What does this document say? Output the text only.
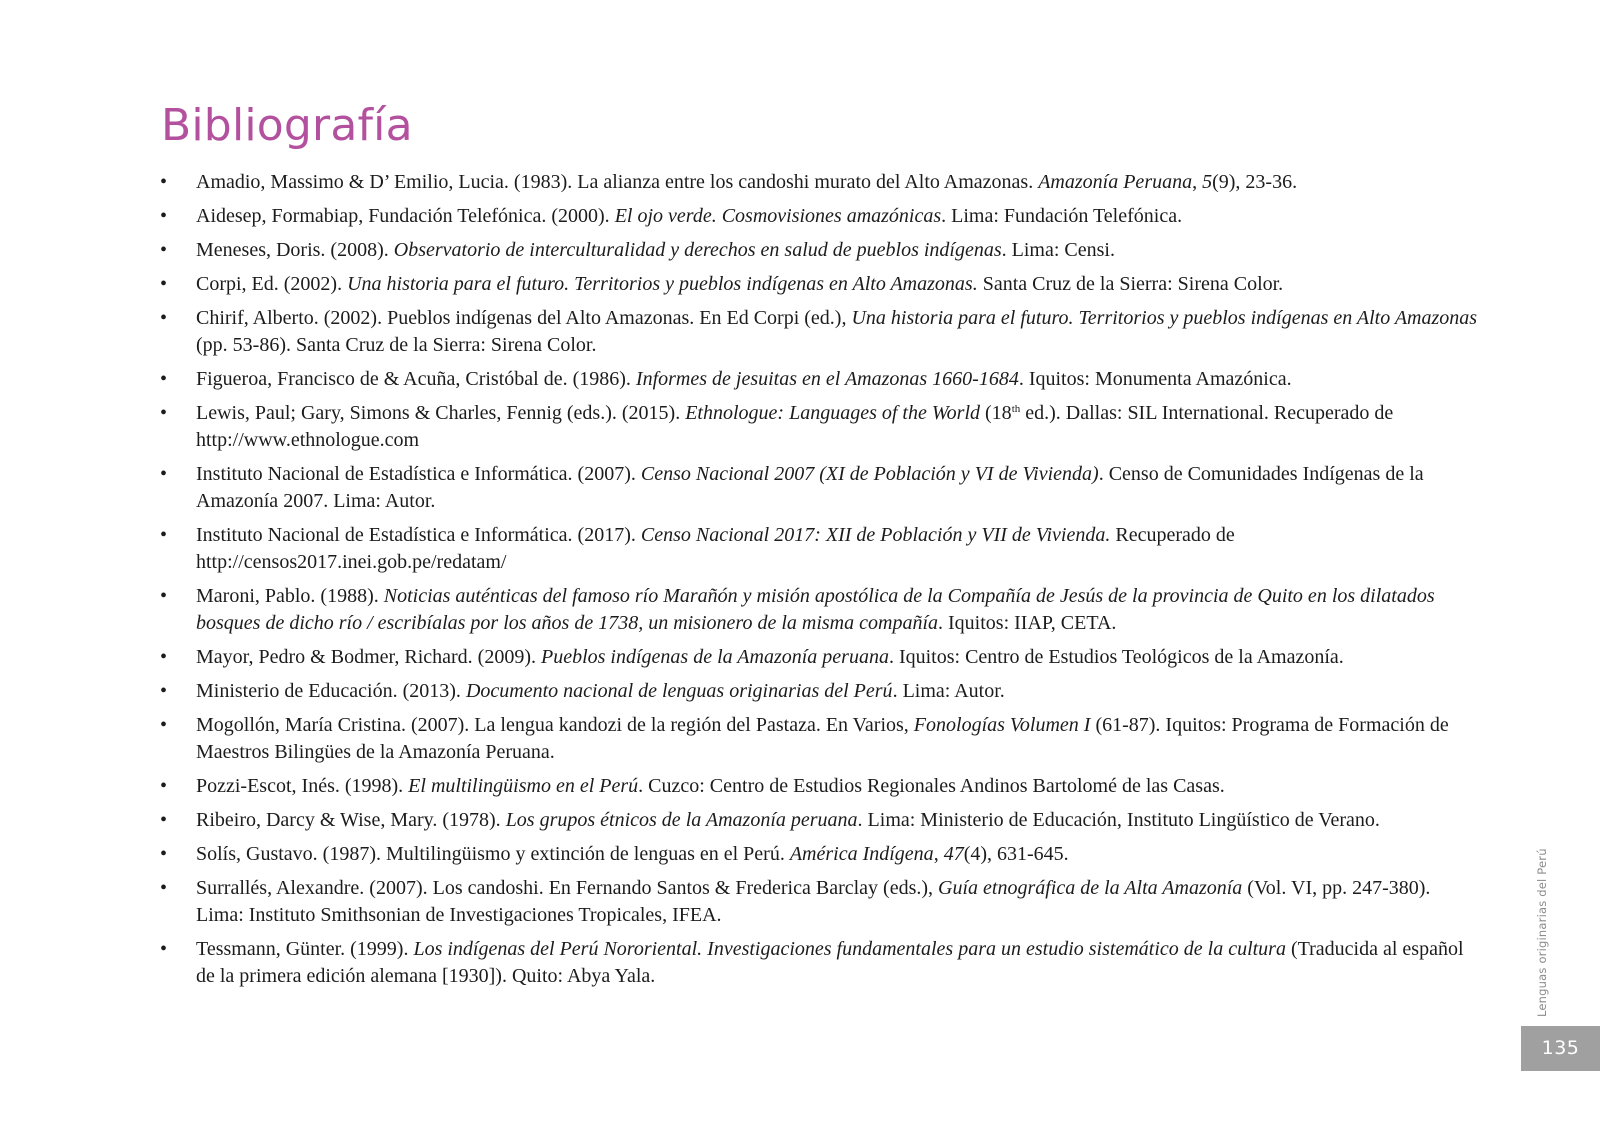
Bibliografía
• Amadio, Massimo & D’ Emilio, Lucia. (1983). La alianza entre los candoshi murato del Alto Amazonas. Amazonía Peruana, 5(9), 23-36.
• Aidesep, Formabiap, Fundación Telefónica. (2000). El ojo verde. Cosmovisiones amazónicas. Lima: Fundación Telefónica.
• Meneses, Doris. (2008). Observatorio de interculturalidad y derechos en salud de pueblos indígenas. Lima: Censi.
• Corpi, Ed. (2002). Una historia para el futuro. Territorios y pueblos indígenas en Alto Amazonas. Santa Cruz de la Sierra: Sirena Color.
• Chirif, Alberto. (2002). Pueblos indígenas del Alto Amazonas. En Ed Corpi (ed.), Una historia para el futuro. Territorios y pueblos indígenas en Alto Amazonas (pp. 53-86). Santa Cruz de la Sierra: Sirena Color.
• Figueroa, Francisco de & Acuña, Cristóbal de. (1986). Informes de jesuitas en el Amazonas 1660-1684. Iquitos: Monumenta Amazónica.
• Lewis, Paul; Gary, Simons & Charles, Fennig (eds.). (2015). Ethnologue: Languages of the World (18th ed.). Dallas: SIL International. Recuperado de http://www.ethnologue.com
• Instituto Nacional de Estadística e Informática. (2007). Censo Nacional 2007 (XI de Población y VI de Vivienda). Censo de Comunidades Indígenas de la Amazonía 2007. Lima: Autor.
• Instituto Nacional de Estadística e Informática. (2017). Censo Nacional 2017: XII de Población y VII de Vivienda. Recuperado de http://censos2017.inei.gob.pe/redatam/
• Maroni, Pablo. (1988). Noticias auténticas del famoso río Marañón y misión apostólica de la Compañía de Jesús de la provincia de Quito en los dilatados bosques de dicho río / escribíalas por los años de 1738, un misionero de la misma compañía. Iquitos: IIAP, CETA.
• Mayor, Pedro & Bodmer, Richard. (2009). Pueblos indígenas de la Amazonía peruana. Iquitos: Centro de Estudios Teológicos de la Amazonía.
• Ministerio de Educación. (2013). Documento nacional de lenguas originarias del Perú. Lima: Autor.
• Mogollón, María Cristina. (2007). La lengua kandozi de la región del Pastaza. En Varios, Fonologías Volumen I (61-87). Iquitos: Programa de Formación de Maestros Bilingües de la Amazonía Peruana.
• Pozzi-Escot, Inés. (1998). El multilingüismo en el Perú. Cuzco: Centro de Estudios Regionales Andinos Bartolomé de las Casas.
• Ribeiro, Darcy & Wise, Mary. (1978). Los grupos étnicos de la Amazonía peruana. Lima: Ministerio de Educación, Instituto Lingüístico de Verano.
• Solís, Gustavo. (1987). Multilingüismo y extinción de lenguas en el Perú. América Indígena, 47(4), 631-645.
• Surrallés, Alexandre. (2007). Los candoshi. En Fernando Santos & Frederica Barclay (eds.), Guía etnográfica de la Alta Amazonía (Vol. VI, pp. 247-380). Lima: Instituto Smithsonian de Investigaciones Tropicales, IFEA.
• Tessmann, Günter. (1999). Los indígenas del Perú Nororiental. Investigaciones fundamentales para un estudio sistemático de la cultura (Traducida al español de la primera edición alemana [1930]). Quito: Abya Yala.	Lenguas originarias del Perú
135
